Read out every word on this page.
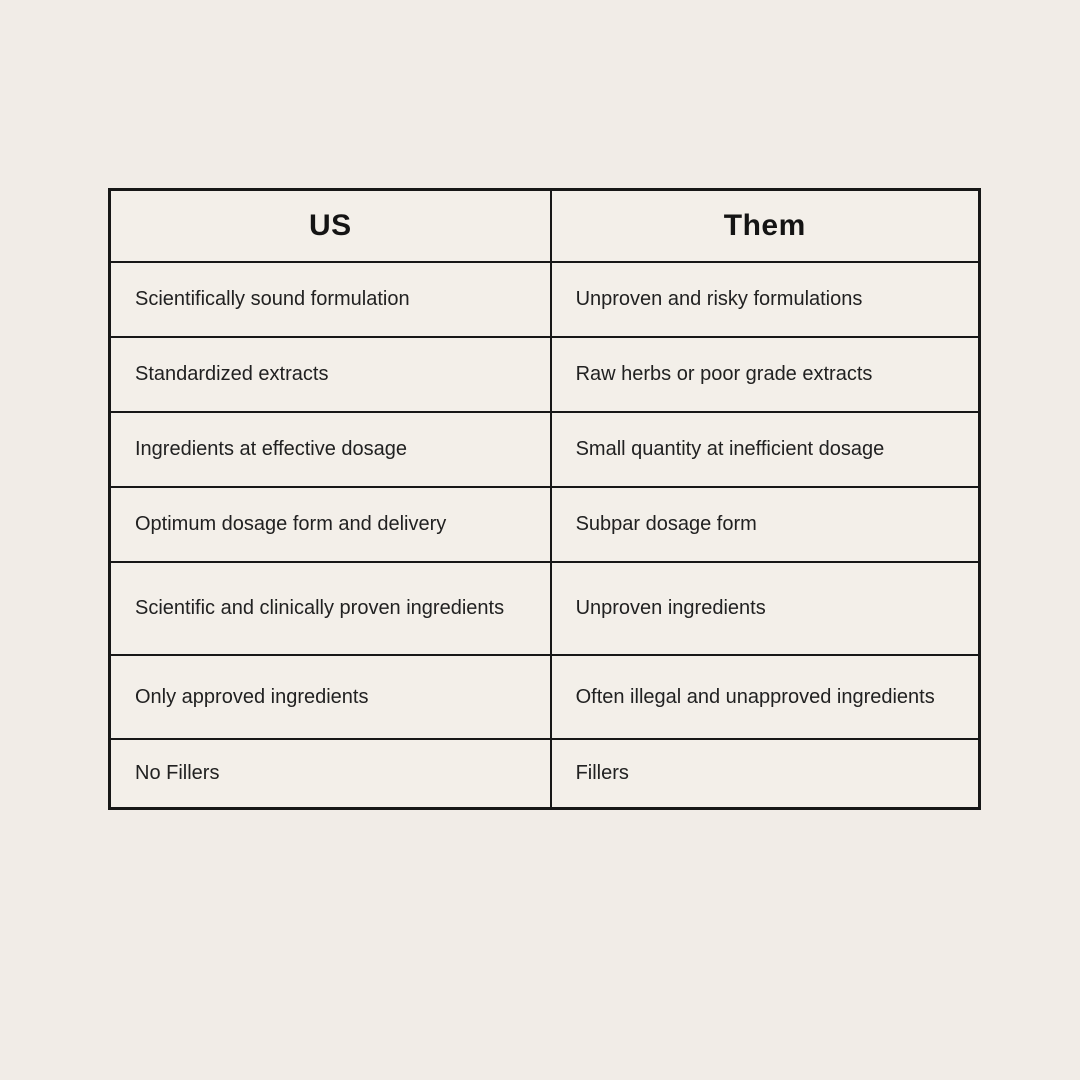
US	Them
Scientifically sound formulation	Unproven and risky formulations
Standardized extracts	Raw herbs or poor grade extracts
Ingredients at effective dosage	Small quantity at inefficient dosage
Optimum dosage form and delivery	Subpar dosage form
Scientific and clinically proven ingredients	Unproven ingredients
Only approved ingredients	Often illegal and unapproved ingredients
No Fillers	Fillers
